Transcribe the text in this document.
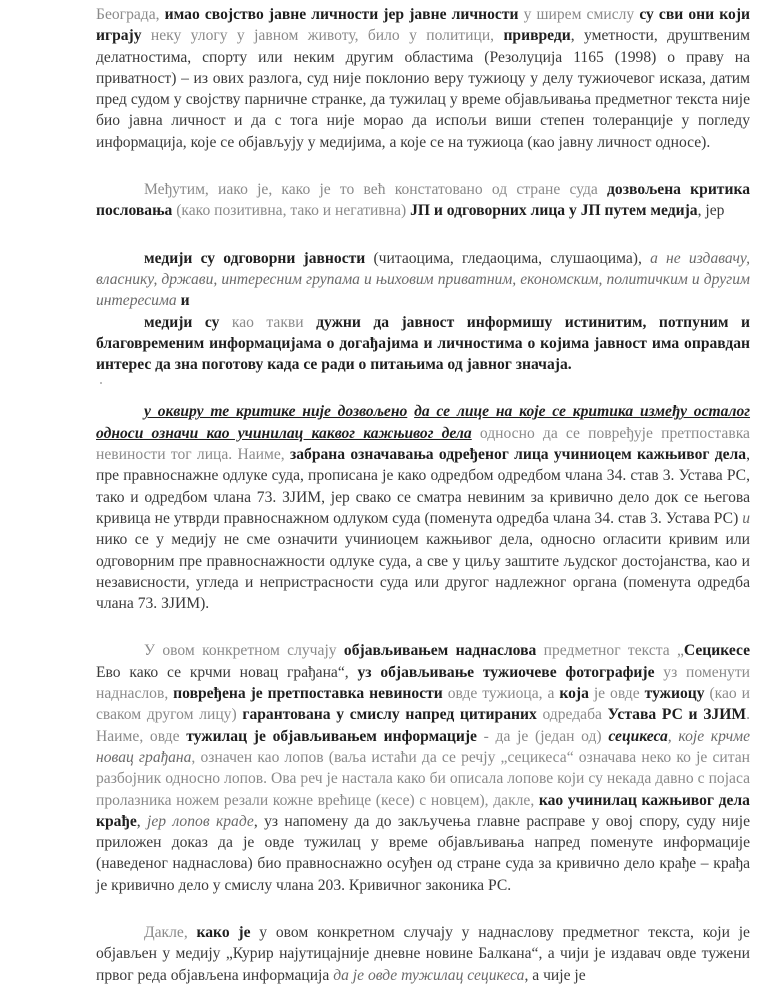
Београда, имао својство јавне личности јер јавне личности у ширем смислу су сви они који играју неку улогу у јавном животу, било у политици, привреди, уметности, друштвеним делатностима, спорту или неким другим областима (Резолуција 1165 (1998) о праву на приватност) – из ових разлога, суд није поклонио веру тужиоцу у делу тужиочевог исказа, датим пред судом у својству парничне странке, да тужилац у време објављивања предметног текста није био јавна личност и да с тога није морао да испољи виши степен толеранције у погледу информација, које се објављују у медијима, а које се на тужиоца (као јавну личност односе).

Међутим, иако је, како је то већ констатовано од стране суда дозвољена критика пословања (како позитивна, тако и негативна) ЈП и одговорних лица у ЈП путем медија, јер

медији су одговорни јавности (читаоцима, гледаоцима, слушаоцима), а не издавачу, власнику, држави, интересним групама и њиховим приватним, економским, политичким и другим интересима и

медији су као такви дужни да јавност информишу истинитим, потпуним и благовременим информацијама о догађајима и личностима о којима јавност има оправдан интерес да зна поготову када се ради о питањима од јавног значаја.

у оквиру те критике није дозвољено да се лице на које се критика између осталог односи означи као учинилац каквог кажњивог дела односно да се повређује претпоставка невиности тог лица. Наиме, забрана означавања одређеног лица учиниоцем кажњивог дела, пре правноснажне одлуке суда, прописана је како одредбом одредбом члана 34. став 3. Устава РС, тако и одредбом члана 73. ЗЈИМ, јер свако се сматра невиним за кривично дело док се његова кривица не утврди правноснажном одлуком суда (поменута одредба члана 34. став 3. Устава РС) и нико се у медију не сме означити учиниоцем кажњивог дела, односно огласити кривим или одговорним пре правноснажности одлуке суда, а све у циљу заштите људског достојанства, као и независности, угледа и непристрасности суда или другог надлежног органа (поменута одредба члана 73. ЗЈИМ).

У овом конкретном случају објављивањем наднаслова предметног текста „Сецикесе Ево како се крчми новац грађана“, уз објављивање тужиочеве фотографије уз поменути наднаслов, повређена је претпоставка невиности овде тужиоца, а која је овде тужиоцу (као и сваком другом лицу) гарантована у смислу напред цитираних одредаба Устава РС и ЗЈИМ. Наиме, овде тужилац је објављивањем информације - да је (један од) сецикеса, које крчме новац грађана, означен као лопов (ваља истаћи да се речју „сецикеса“ означава неко ко је ситан разбојник односно лопов. Ова реч је настала како би описала лопове који су некада давно с појаса пролазника ножем резали кожне врећице (кесе) с новцем), дакле, као учинилац кажњивог дела крађе, јер лопов краде, уз напомену да до закључења главне расправе у овој спору, суду није приложен доказ да је овде тужилац у време објављивања напред поменуте информације (наведеног наднаслова) био правноснажно осуђен од стране суда за кривично дело крађе – крађа је кривично дело у смислу члана 203. Кривичног законика РС.

Дакле, како је у овом конкретном случају у наднаслову предметног текста, који је објављен у медију „Курир најутицајније дневне новине Балкана“, а чији је издавач овде тужени првог реда објављена информација да је овде тужилац сецикеса, а чије је
